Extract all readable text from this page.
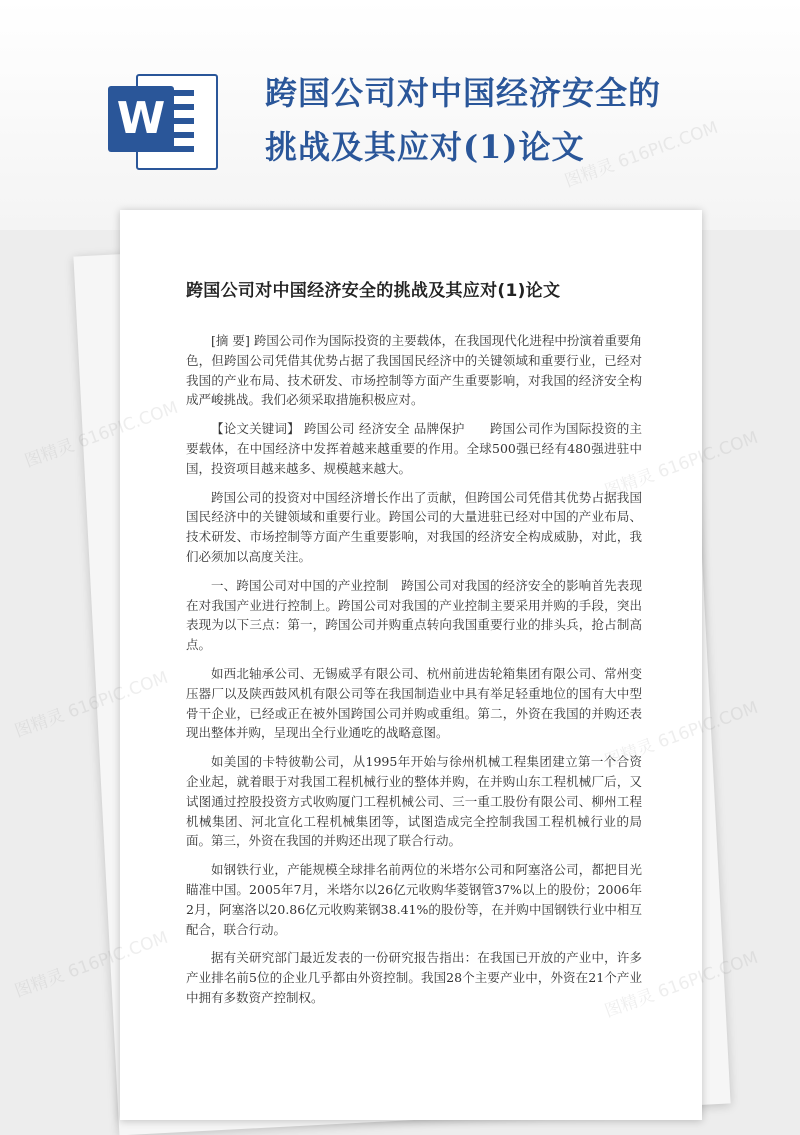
W	跨国公司对中国经济安全的挑战及其应对(1)论文
跨国公司对中国经济安全的挑战及其应对(1)论文

[摘 要] 跨国公司作为国际投资的主要载体，在我国现代化进程中扮演着重要角色，但跨国公司凭借其优势占据了我国国民经济中的关键领域和重要行业，已经对我国的产业布局、技术研发、市场控制等方面产生重要影响，对我国的经济安全构成严峻挑战。我们必须采取措施积极应对。

【论文关键词】 跨国公司 经济安全 品牌保护　　跨国公司作为国际投资的主要载体，在中国经济中发挥着越来越重要的作用。全球500强已经有480强进驻中国，投资项目越来越多、规模越来越大。

跨国公司的投资对中国经济增长作出了贡献，但跨国公司凭借其优势占据我国国民经济中的关键领域和重要行业。跨国公司的大量进驻已经对中国的产业布局、技术研发、市场控制等方面产生重要影响，对我国的经济安全构成威胁，对此，我们必须加以高度关注。

一、跨国公司对中国的产业控制　跨国公司对我国的经济安全的影响首先表现在对我国产业进行控制上。跨国公司对我国的产业控制主要采用并购的手段，突出表现为以下三点：第一，跨国公司并购重点转向我国重要行业的排头兵，抢占制高点。

如西北轴承公司、无锡威孚有限公司、杭州前进齿轮箱集团有限公司、常州变压器厂以及陕西鼓风机有限公司等在我国制造业中具有举足轻重地位的国有大中型骨干企业，已经或正在被外国跨国公司并购或重组。第二，外资在我国的并购还表现出整体并购，呈现出全行业通吃的战略意图。

如美国的卡特彼勒公司，从1995年开始与徐州机械工程集团建立第一个合资企业起，就着眼于对我国工程机械行业的整体并购，在并购山东工程机械厂后，又试图通过控股投资方式收购厦门工程机械公司、三一重工股份有限公司、柳州工程机械集团、河北宣化工程机械集团等，试图造成完全控制我国工程机械行业的局面。第三，外资在我国的并购还出现了联合行动。

如钢铁行业，产能规模全球排名前两位的米塔尔公司和阿塞洛公司，都把目光瞄准中国。2005年7月，米塔尔以26亿元收购华菱钢管37%以上的股份；2006年2月，阿塞洛以20.86亿元收购莱钢38.41%的股份等，在并购中国钢铁行业中相互配合，联合行动。

据有关研究部门最近发表的一份研究报告指出：在我国已开放的产业中，许多产业排名前5位的企业几乎都由外资控制。我国28个主要产业中，外资在21个产业中拥有多数资产控制权。

图精灵	616PIC.COM
图精灵 616PIC.COM
图精灵 616PIC.COM
